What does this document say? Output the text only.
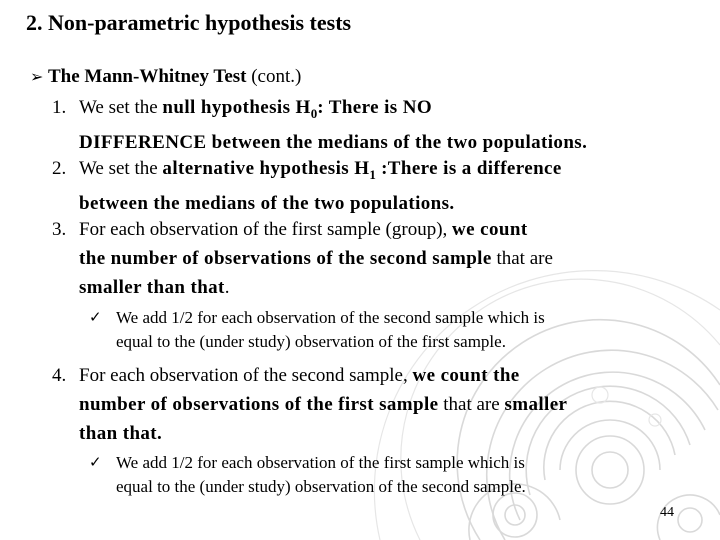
2. Non-parametric hypothesis tests
➢ The Mann-Whitney Test (cont.)
1. We set the null hypothesis $H_0$: There is NO
DIFFERENCE between the medians of the two populations.
2. We set the alternative hypothesis $H_1$ :There is a difference
between the medians of the two populations.
3. For each observation of the first sample (group), we count
the number of observations of the second sample that are
smaller than that.
✓ We add 1/2 for each observation of the second sample which is
equal to the (under study) observation of the first sample.
4. For each observation of the second sample, we count the
number of observations of the first sample that are smaller
than that.
✓ We add 1/2 for each observation of the first sample which is
equal to the (under study) observation of the second sample.
44
